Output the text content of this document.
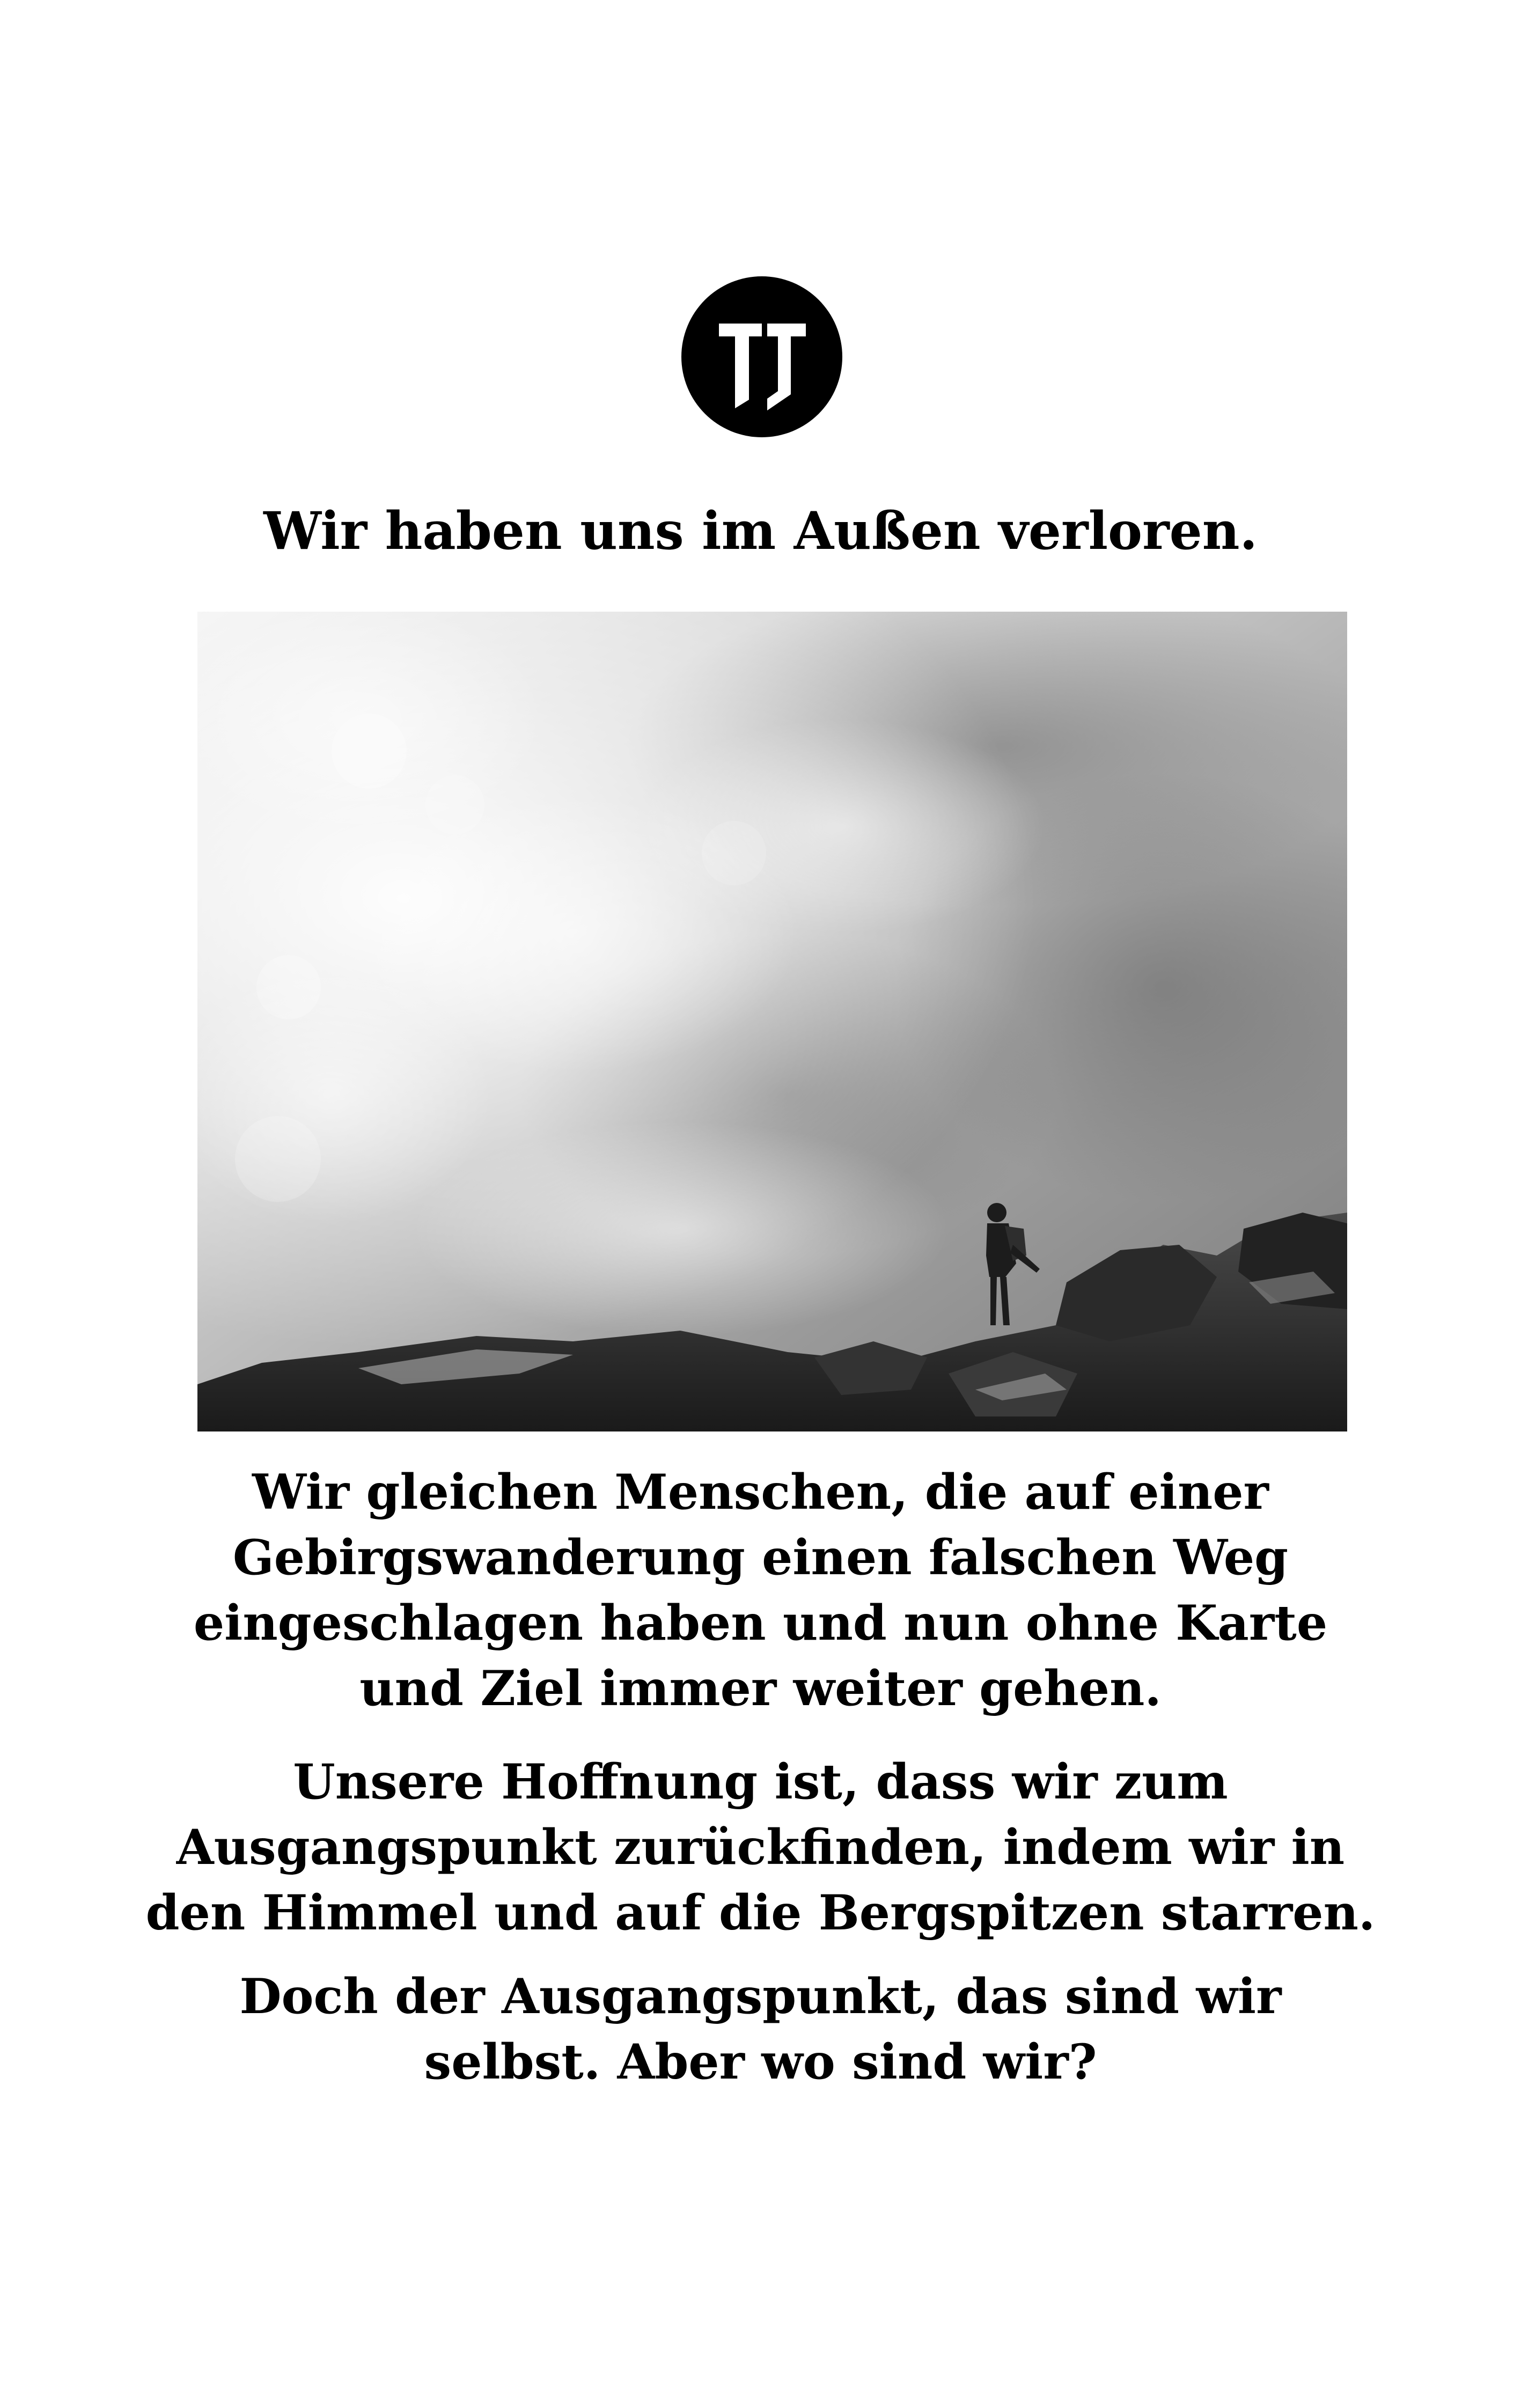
Wir haben uns im Außen verloren.
Wir gleichen Menschen, die auf einer
Gebirgswanderung einen falschen Weg
eingeschlagen haben und nun ohne Karte
und Ziel immer weiter gehen.
Unsere Hoffnung ist, dass wir zum
Ausgangspunkt zurückfinden, indem wir in
den Himmel und auf die Bergspitzen starren.
Doch der Ausgangspunkt, das sind wir
selbst. Aber wo sind wir?
